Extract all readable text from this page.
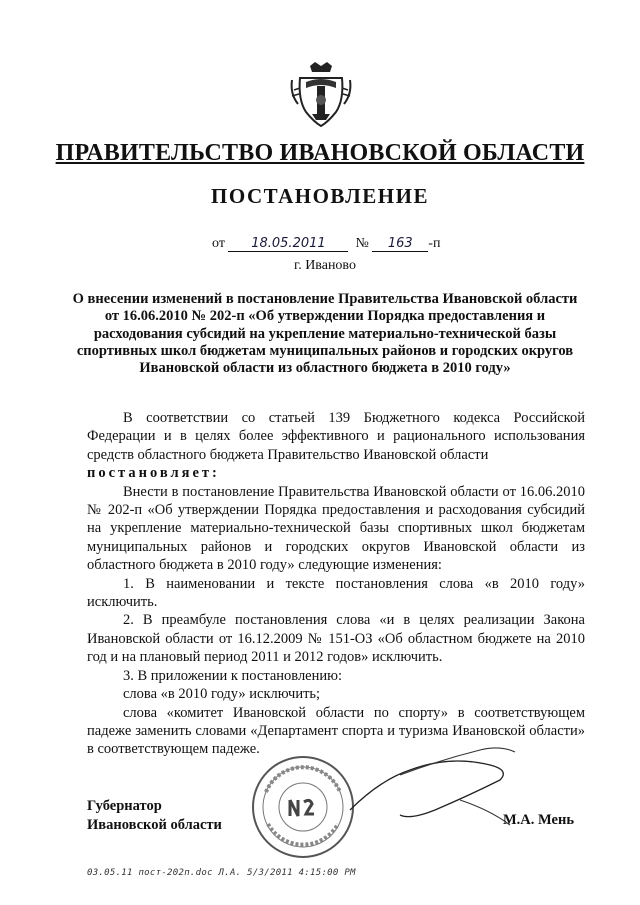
ПРАВИТЕЛЬСТВО ИВАНОВСКОЙ ОБЛАСТИ
ПОСТАНОВЛЕНИЕ
от 18.05.2011 № 163 -п
г. Иваново
О внесении изменений в постановление Правительства Ивановской области от 16.06.2010 № 202-п «Об утверждении Порядка предоставления и расходования субсидий на укрепление материально-технической базы спортивных школ бюджетам муниципальных районов и городских округов Ивановской области из областного бюджета в 2010 году»

В соответствии со статьей 139 Бюджетного кодекса Российской Федерации и в целях более эффективного и рационального использования средств областного бюджета Правительство Ивановской области

постановляет:

Внести в постановление Правительства Ивановской области от 16.06.2010 № 202-п «Об утверждении Порядка предоставления и расходования субсидий на укрепление материально-технической базы спортивных школ бюджетам муниципальных районов и городских округов Ивановской области из областного бюджета в 2010 году» следующие изменения:

1. В наименовании и тексте постановления слова «в 2010 году» исключить.

2. В преамбуле постановления слова «и в целях реализации Закона Ивановской области от 16.12.2009 № 151-ОЗ «Об областном бюджете на 2010 год и на плановый период 2011 и 2012 годов» исключить.

3. В приложении к постановлению:

слова «в 2010 году» исключить;

слова «комитет Ивановской области по спорту» в соответствующем падеже заменить словами «Департамент спорта и туризма Ивановской области» в соответствующем падеже.

Губернатор
Ивановской области	М.А. Мень
03.05.11 пост-202п.doc Л.А. 5/3/2011 4:15:00 PM
